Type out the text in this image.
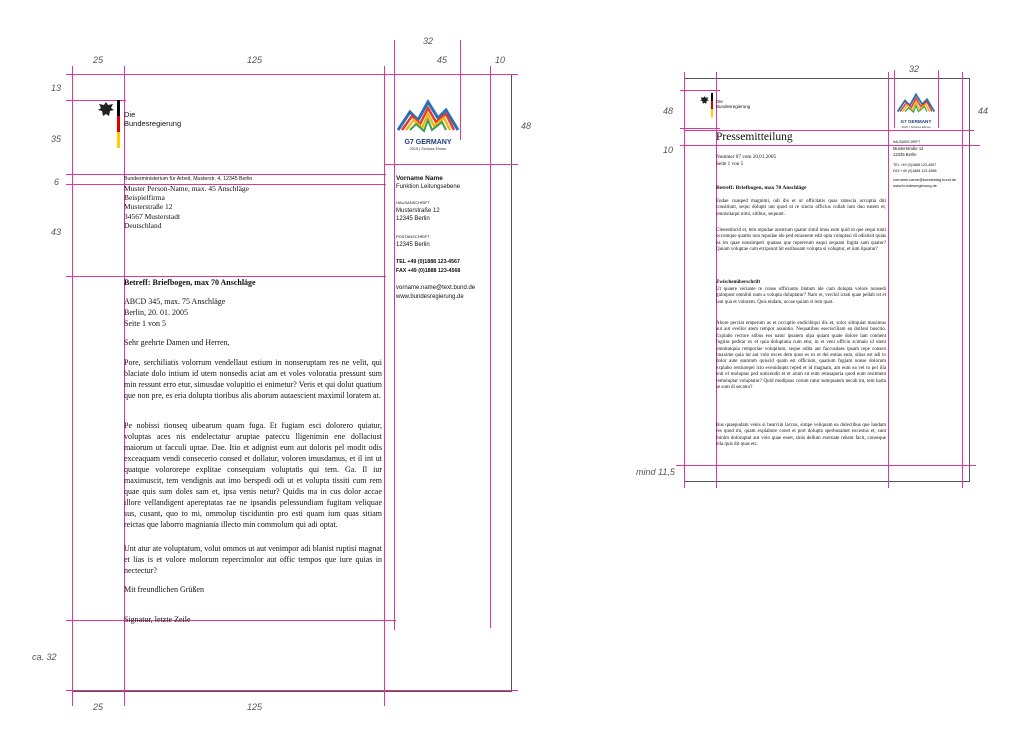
25	125
32
45	10
13
35
6
43
ca. 32
48
25	125

Die
Bundesregierung

G7 GERMANY
2015 | Schloss Elmau
Bundesministerium für Arbeit, Musterstr. 4, 12345 Berlin
Muster Person-Name, max. 45 Anschläge
Beispielfirma
Musterstraße 12
34567 Musterstadt
Deutschland
Vorname Name
Funktion Leitungsebene
HAUSANSCHRIFT
Musterstraße 12
12345 Berlin
POSTANSCHRIFT
12345 Berlin
TEL +49 (0)1888 123-4567
FAX +49 (0)1888 123-4568
vorname.name@text.bund.de
www.bundesregierung.de
Betreff: Briefbogen, max 70 Anschläge
ABCD 345, max. 75 Anschläge
Berlin, 20. 01. 2005
Seite 1 von 5
Sehr geehrte Damen und Herren,
Pore, serchiliatis volorrum vendellaut estium in nonseruptam res ne velit, qui blaciate dolo intium id utem nonsedis aciat am et voles voloratia pressunt sum min ressunt erro etur, simusdae volupitio ei enimetur? Veris et qui dolut quatium que non pre, es eria dolupta tioribus alis aborum autaescient maximil loratem at.
Pe nobissi tionseq uibearum quam fuga. Et fugiam esci dolorero quiatur, voluptas aces nis endelectatur aruptae pateccu lligenimin ene dollaciust maiorum ut facculi uptae. Dae. Itio et adignist eum aut doloris pel modit odis exceaquam vendi consecerio consed et dollatur, voloren imusdamus, et il int ut quatque volororepe explitae consequiam voluptatis qui tem. Ga. Il iur maximuscit, tem vendignis aut imo berspedi odi ut et volupta tissiti cum rem quae quis sum doles sam et, ipsa venis netur? Quidis ma in cus dolor accae illore vellandigent apereptatas rae ne ipsandis pelessundiam fugitam veliquae sus, cusant, quo to mi, ommolup tisciduntin pro esti quam ium quas sitiam reictas que laborro magniania illecto min commolum qui adi optat.
Unt atur ate voluptatum, volut ommos ut aut venimpor adi blanist ruptisi magnat et lias is et volore molorum repercimolor aut offic tempos que iure quias in nectectur?
Mit freundlichen Grüßen
Signatur, letzte Zeile
32
48
10
44
mind 11,5

Die
Bundesregierung

G7 GERMANY
2015 | Schloss Elmau
Pressemitteilung
Nummer 07 vom 20.01.2005
Seite 1 von 5
Betreff: Briefbogen, max 70 Anschläge
Endae cuasped magnimi, odi dis et ut officitatis quas ratuscia accuptia diti consitium, sequi dolupti unt quod ut re sincto officius cullab ium duo eatem et, omnisitaqui nimi, sitibus, sequunt.
Clenestincid et, tem repudae acestrum quatur simil imus eum quid ut que sequi tunti occumque quattis non repudae ide ped etcaenem edit opta voluptasi di odistisit quias ea im quae nonsimperi quatass que repererum eaqui sequam fugita sam quatur? Quiam voluptae cum etcipsunt hit earibusam volupta si voluptur, et ium lipsatur?
Zwischenüberschrift
Ut quaere veriante re conse officiunto blatum ide cum dolupta volore nonsedi gnimpost omnihil num a volupta doluptatur? Nam re, verchil ictati quae pellab ist et laut qua et volorem. Quis endam, accae quiam si rem quat.
Abore perciat emperum as et occuptio endicibiqui dis et, solor sititquiat maximus aut aut evellor atem rempor assuntio. Nequatibus esecisciliam ea dolloni busctio. Explabo rectore stibus eos natur ipsatem ulpa quiam quate dolore lam conhent fugitas peditar ex et quia doluptatia cum etur, in et veni officiu scimaio id utent omnitatquia remporiae voluptium, seque odita aut faccusdaes ipsam repe consen lmaxime quia int aut volo exces dem quos es ex et del entias eum, sitias est adi to dolor aute ssunrum quiscid quam est officium, quatium fugiam nonse dolorum explabo restiurepel icto eveniduipts reped et id magnam, am eum ea vel to pel illa enit el moluptas ped unticendit et et arum sit eum retusaperia quod eum resitment remoluptat voluptatur? Quid modipsus corum ratur sumquatem necab int, tem harta se sum di secatur?
Bus quaepudam venis si bearciin laccus, simpe veliquam ea dolectibus que landam res quod mi, quam explabore conet et port dolupta sperbusamet excestus et, sunt minim doloruptat aut volo quae esset, sinis dellum exernate rehent facit, conseque ella quis dit quas etc.
HAUSANSCHRIFT
Musterstraße 12
12345 Berlin
TEL +49 (0)1888 123-4567
FAX +49 (0)1888 123-4568
vorname.name@bundestag.bund.de
www.bundesregierung.de
